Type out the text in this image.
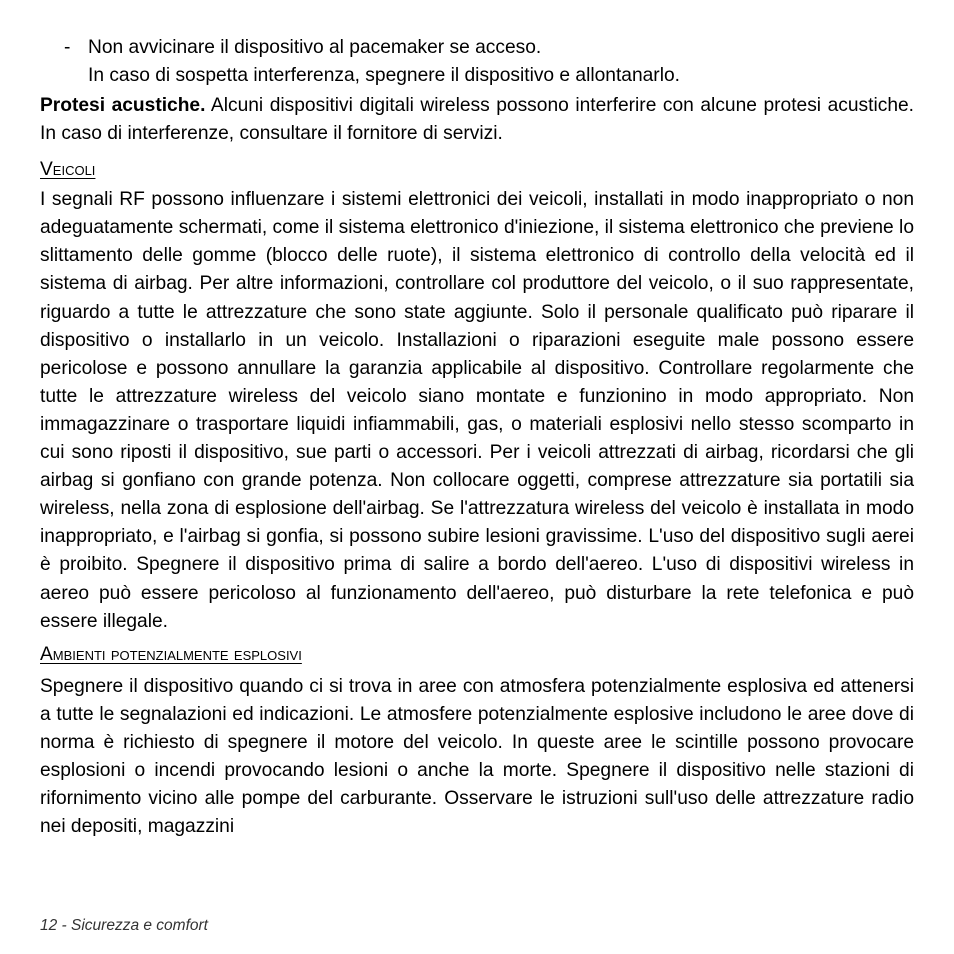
- Non avvicinare il dispositivo al pacemaker se acceso.
In caso di sospetta interferenza, spegnere il dispositivo e allontanarlo.

Protesi acustiche. Alcuni dispositivi digitali wireless possono interferire con alcune protesi acustiche. In caso di interferenze, consultare il fornitore di servizi.

Veicoli

I segnali RF possono influenzare i sistemi elettronici dei veicoli, installati in modo inappropriato o non adeguatamente schermati, come il sistema elettronico d'iniezione, il sistema elettronico che previene lo slittamento delle gomme (blocco delle ruote), il sistema elettronico di controllo della velocità ed il sistema di airbag. Per altre informazioni, controllare col produttore del veicolo, o il suo rappresentate, riguardo a tutte le attrezzature che sono state aggiunte. Solo il personale qualificato può riparare il dispositivo o installarlo in un veicolo. Installazioni o riparazioni eseguite male possono essere pericolose e possono annullare la garanzia applicabile al dispositivo. Controllare regolarmente che tutte le attrezzature wireless del veicolo siano montate e funzionino in modo appropriato. Non immagazzinare o trasportare liquidi infiammabili, gas, o materiali esplosivi nello stesso scomparto in cui sono riposti il dispositivo, sue parti o accessori. Per i veicoli attrezzati di airbag, ricordarsi che gli airbag si gonfiano con grande potenza. Non collocare oggetti, comprese attrezzature sia portatili sia wireless, nella zona di esplosione dell'airbag. Se l'attrezzatura wireless del veicolo è installata in modo inappropriato, e l'airbag si gonfia, si possono subire lesioni gravissime. L'uso del dispositivo sugli aerei è proibito. Spegnere il dispositivo prima di salire a bordo dell'aereo. L'uso di dispositivi wireless in aereo può essere pericoloso al funzionamento dell'aereo, può disturbare la rete telefonica e può essere illegale.

Ambienti potenzialmente esplosivi

Spegnere il dispositivo quando ci si trova in aree con atmosfera potenzialmente esplosiva ed attenersi a tutte le segnalazioni ed indicazioni. Le atmosfere potenzialmente esplosive includono le aree dove di norma è richiesto di spegnere il motore del veicolo. In queste aree le scintille possono provocare esplosioni o incendi provocando lesioni o anche la morte. Spegnere il dispositivo nelle stazioni di rifornimento vicino alle pompe del carburante. Osservare le istruzioni sull'uso delle attrezzature radio nei depositi, magazzini

12 - Sicurezza e comfort
